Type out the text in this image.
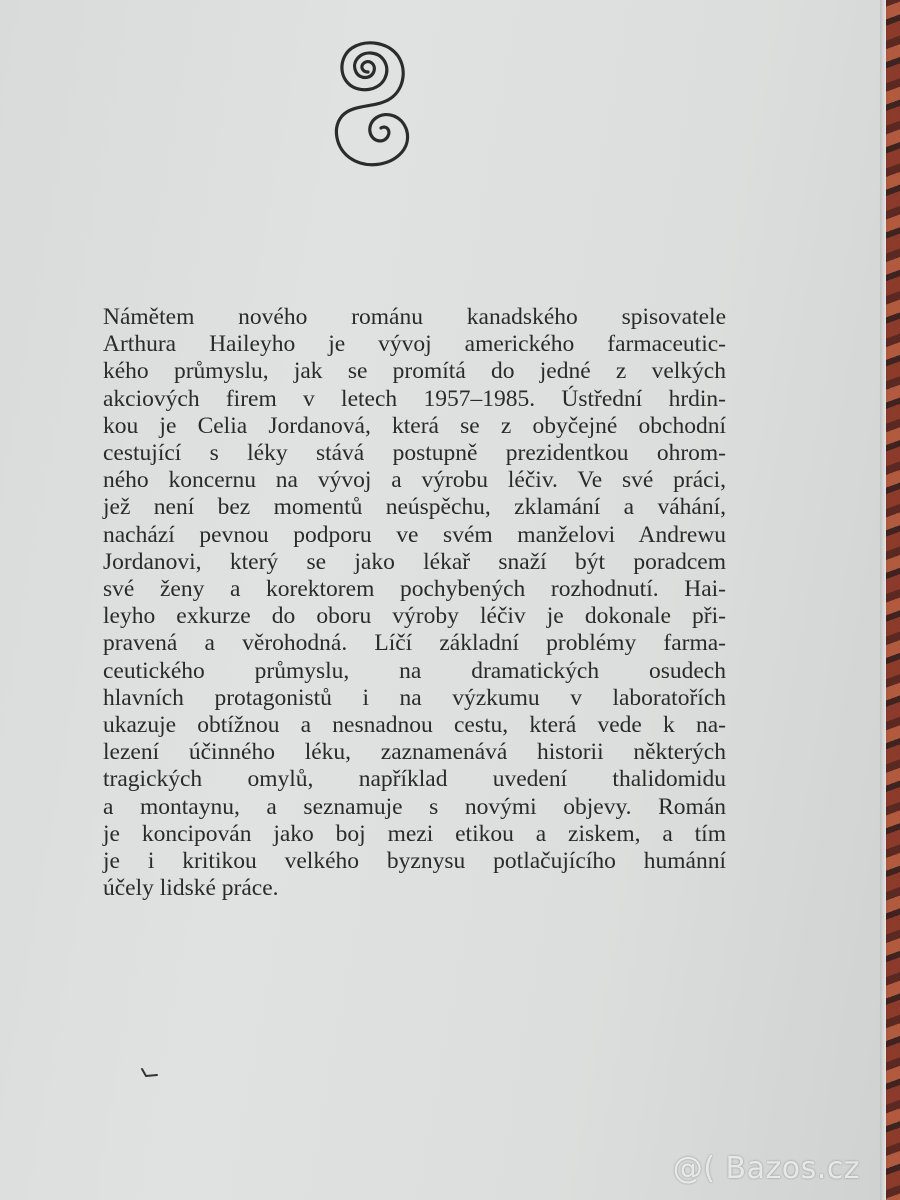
Námětem nového románu kanadského spisovatele
Arthura Haileyho je vývoj amerického farmaceutic-
kého průmyslu, jak se promítá do jedné z velkých
akciových firem v letech 1957–1985. Ústřední hrdin-
kou je Celia Jordanová, která se z obyčejné obchodní
cestující s léky stává postupně prezidentkou ohrom-
ného koncernu na vývoj a výrobu léčiv. Ve své práci,
jež není bez momentů neúspěchu, zklamání a váhání,
nachází pevnou podporu ve svém manželovi Andrewu
Jordanovi, který se jako lékař snaží být poradcem
své ženy a korektorem pochybených rozhodnutí. Hai-
leyho exkurze do oboru výroby léčiv je dokonale při-
pravená a věrohodná. Líčí základní problémy farma-
ceutického průmyslu, na dramatických osudech
hlavních protagonistů i na výzkumu v laboratořích
ukazuje obtížnou a nesnadnou cestu, která vede k na-
lezení účinného léku, zaznamenává historii některých
tragických omylů, například uvedení thalidomidu
a montaynu, a seznamuje s novými objevy. Román
je koncipován jako boj mezi etikou a ziskem, a tím
je i kritikou velkého byznysu potlačujícího humánní
účely lidské práce.
@( Bazos.cz
